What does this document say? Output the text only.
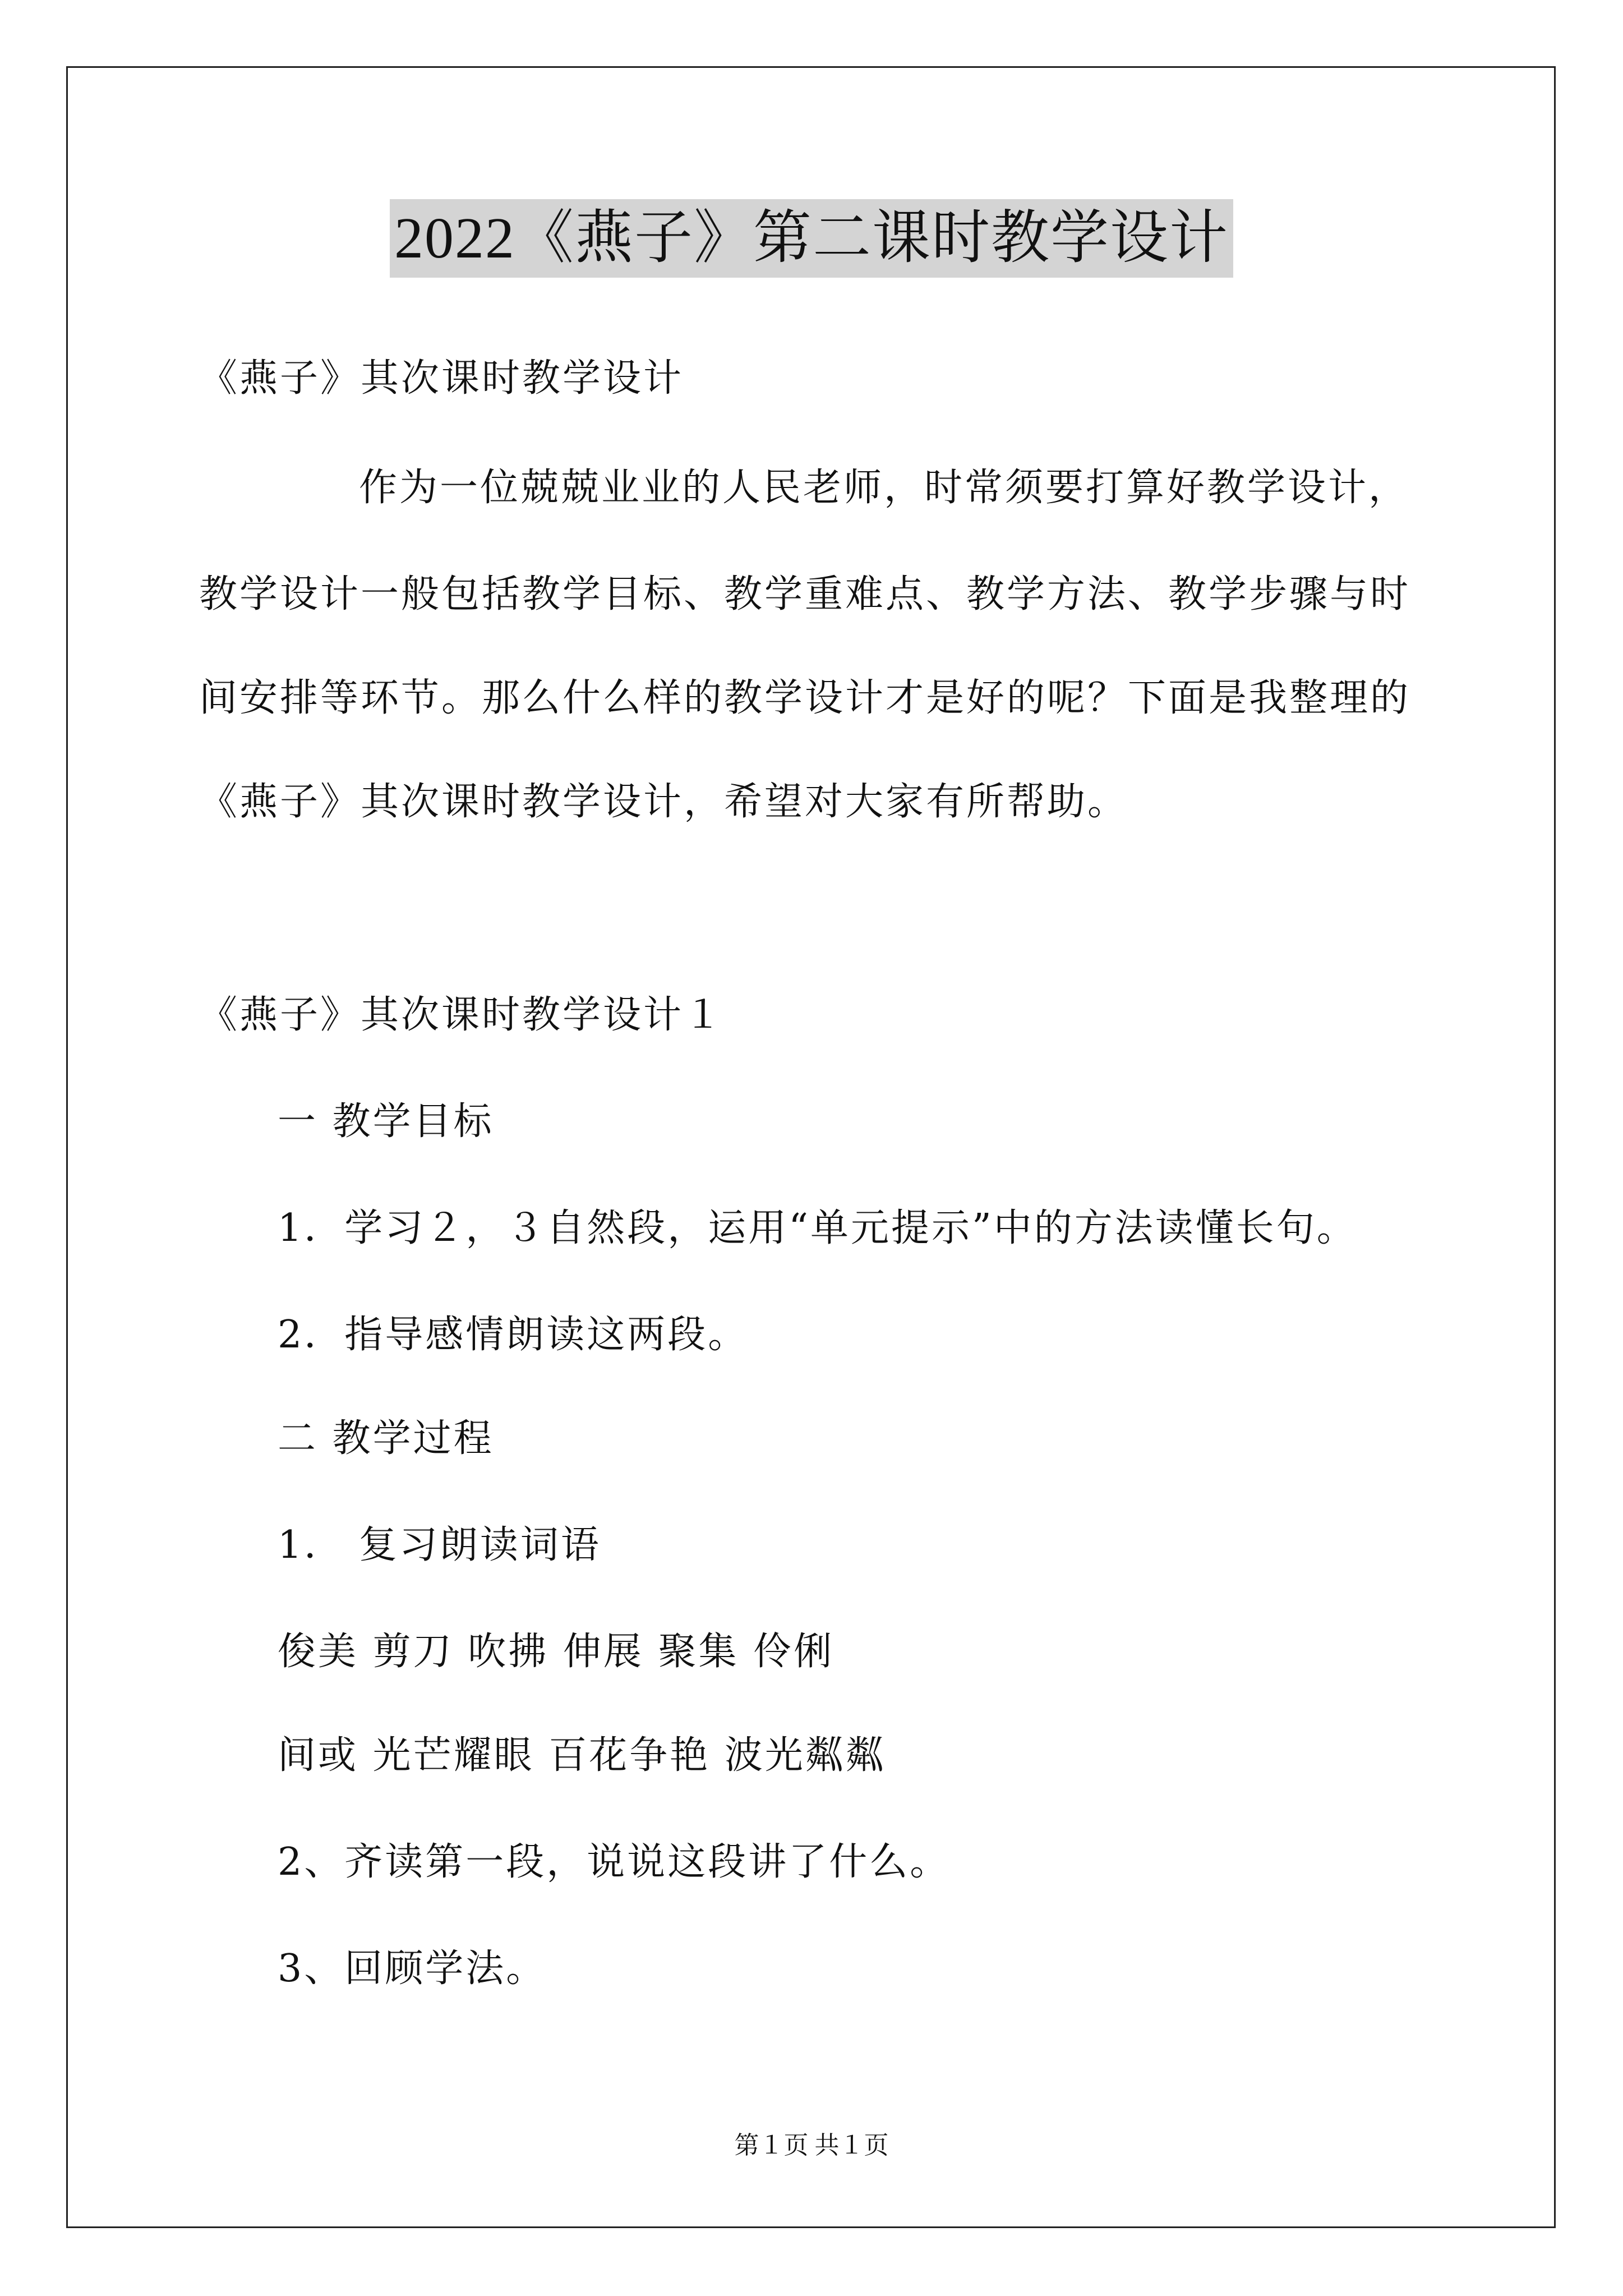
2022《燕子》第二课时教学设计
《燕子》其次课时教学设计
作为一位兢兢业业的人民老师，时常须要打算好教学设计，
教学设计一般包括教学目标、教学重难点、教学方法、教学步骤与时
间安排等环节。那么什么样的教学设计才是好的呢？下面是我整理的
《燕子》其次课时教学设计，希望对大家有所帮助。
《燕子》其次课时教学设计１
一 教学目标
1．学习２，３自然段，运用“单元提示”中的方法读懂长句。
2．指导感情朗读这两段。
二 教学过程
1． 复习朗读词语
俊美 剪刀 吹拂 伸展 聚集 伶俐
间或 光芒耀眼 百花争艳 波光粼粼
2、齐读第一段，说说这段讲了什么。
3、回顾学法。
第１页 共１页
